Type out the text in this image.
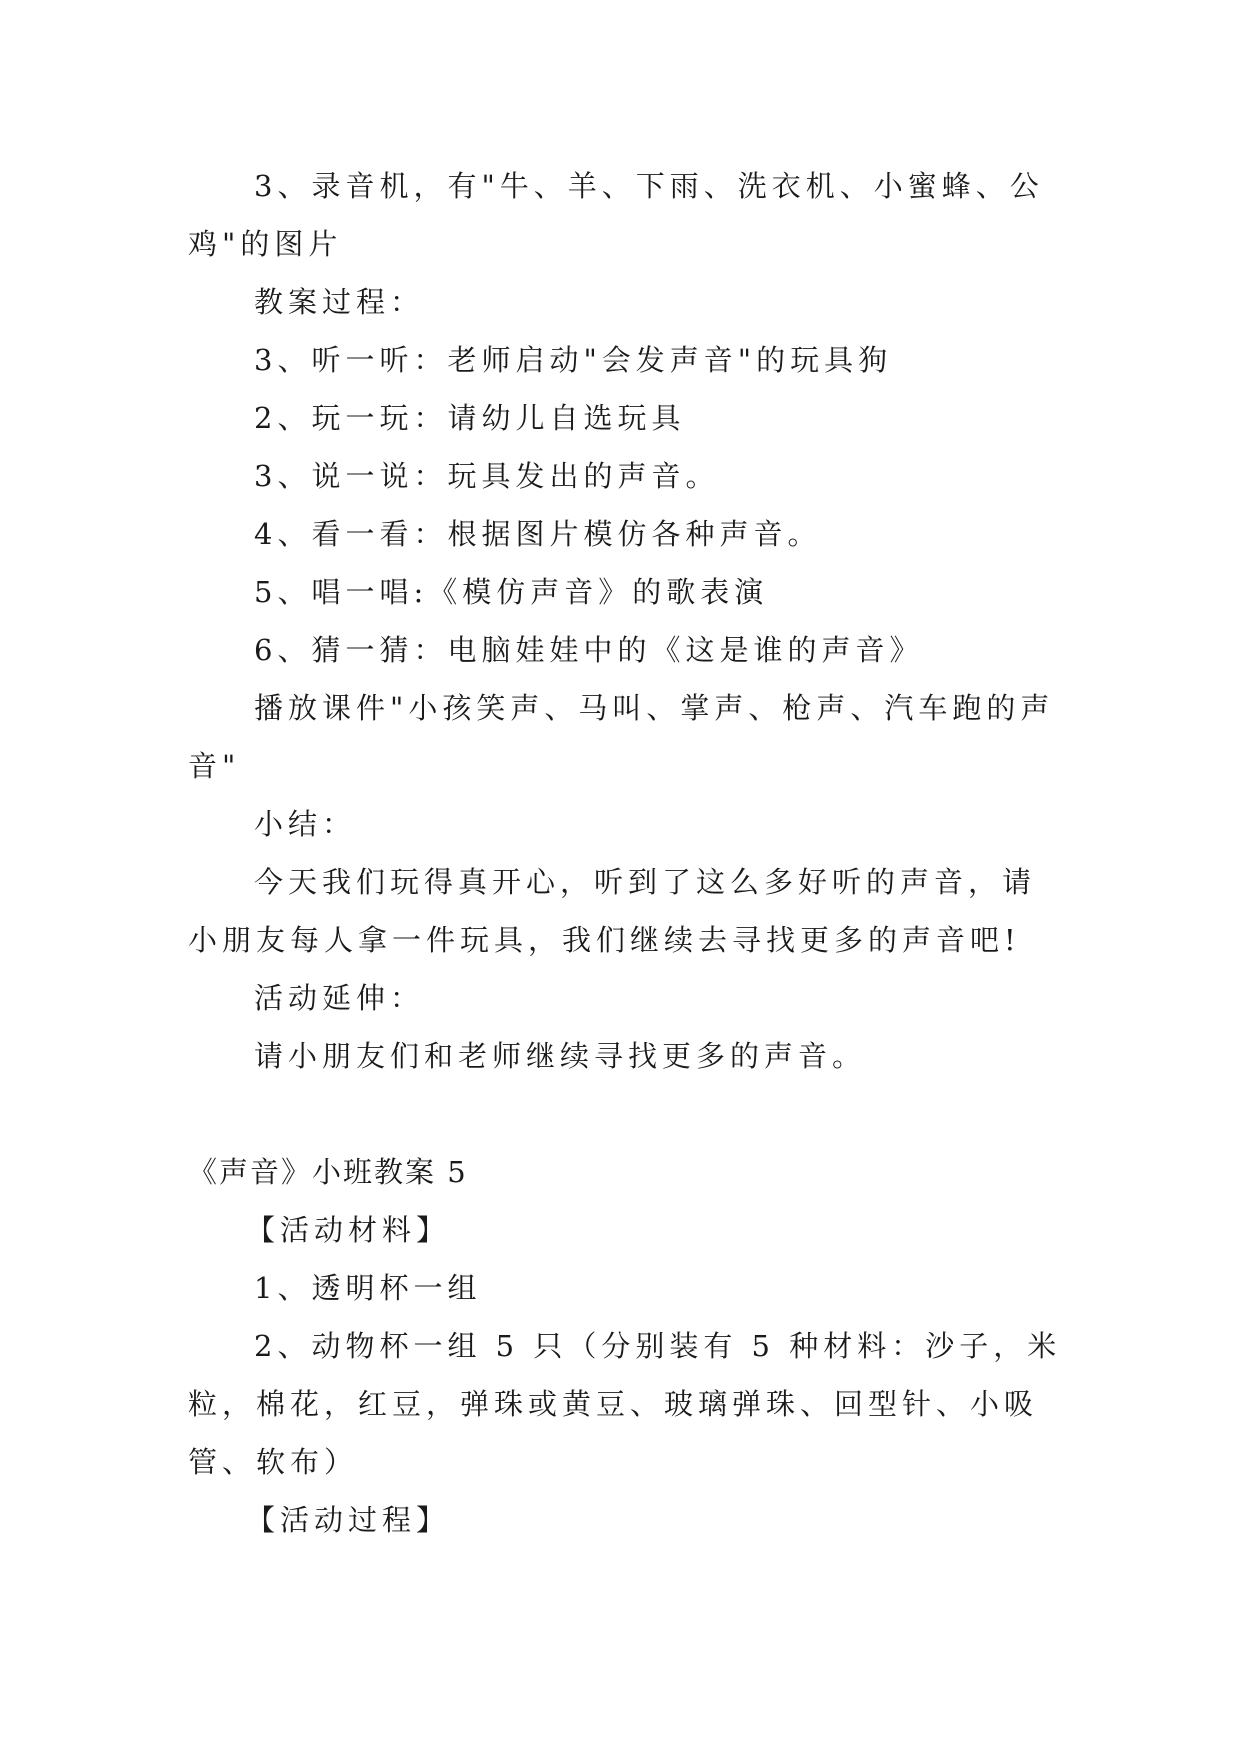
3、录音机，有"牛、羊、下雨、洗衣机、小蜜蜂、公鸡"的图片

教案过程：

3、听一听：老师启动"会发声音"的玩具狗

2、玩一玩：请幼儿自选玩具

3、说一说：玩具发出的声音。

4、看一看：根据图片模仿各种声音。

5、唱一唱:《模仿声音》的歌表演

6、猜一猜：电脑娃娃中的《这是谁的声音》

播放课件"小孩笑声、马叫、掌声、枪声、汽车跑的声音"

小结：

今天我们玩得真开心，听到了这么多好听的声音，请小朋友每人拿一件玩具，我们继续去寻找更多的声音吧!

活动延伸：

请小朋友们和老师继续寻找更多的声音。

《声音》小班教案 5

【活动材料】

1、透明杯一组

2、动物杯一组 5 只（分别装有 5 种材料：沙子，米粒，棉花，红豆，弹珠或黄豆、玻璃弹珠、回型针、小吸管、软布）

【活动过程】
